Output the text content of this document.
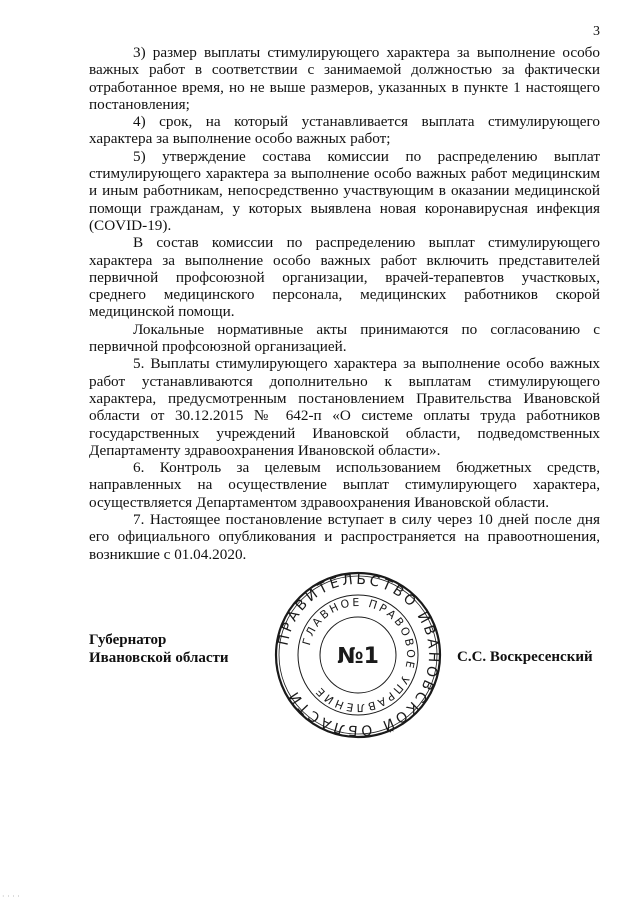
3

3) размер выплаты стимулирующего характера за выполнение особо важных работ в соответствии с занимаемой должностью за фактически отработанное время, но не выше размеров, указанных в пункте 1 настоящего постановления;

4) срок, на который устанавливается выплата стимулирующего характера за выполнение особо важных работ;

5) утверждение состава комиссии по распределению выплат стимулирующего характера за выполнение особо важных работ медицинским и иным работникам, непосредственно участвующим в оказании медицинской помощи гражданам, у которых выявлена новая коронавирусная инфекция (COVID-19).

В состав комиссии по распределению выплат стимулирующего характера за выполнение особо важных работ включить представителей первичной профсоюзной организации, врачей-терапевтов участковых, среднего медицинского персонала, медицинских работников скорой медицинской помощи.

Локальные нормативные акты принимаются по согласованию с первичной профсоюзной организацией.

5. Выплаты стимулирующего характера за выполнение особо важных работ устанавливаются дополнительно к выплатам стимулирующего характера, предусмотренным постановлением Правительства Ивановской области от 30.12.2015 № 642-п «О системе оплаты труда работников государственных учреждений Ивановской области, подведомственных Департаменту здравоохранения Ивановской области».

6. Контроль за целевым использованием бюджетных средств, направленных на осуществление выплат стимулирующего характера, осуществляется Департаментом здравоохранения Ивановской области.

7. Настоящее постановление вступает в силу через 10 дней после дня его официального опубликования и распространяется на правоотношения, возникшие с 01.04.2020.

Губернатор
Ивановской области	С.С. Воскресенский
ПРАВИТЕЛЬСТВО ИВАНОВСКОЙ ОБЛАСТИ
ГЛАВНОЕ ПРАВОВОЕ УПРАВЛЕНИЕ
№1
· · · ·
